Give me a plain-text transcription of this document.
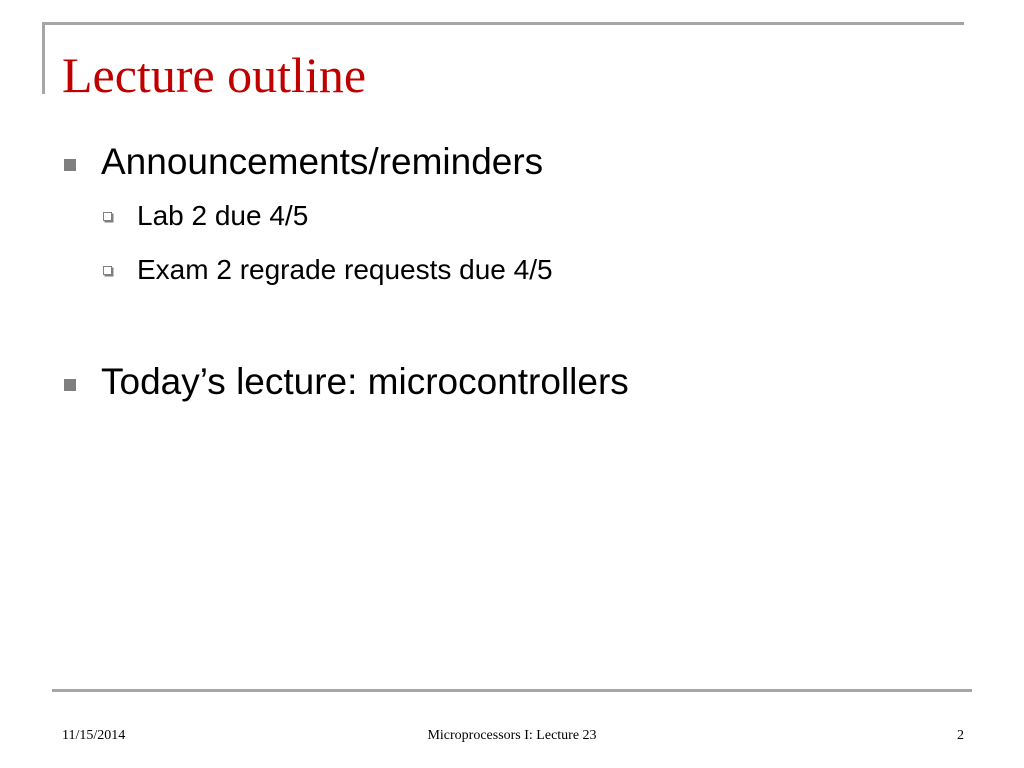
Lecture outline
Announcements/reminders
Lab 2 due 4/5
Exam 2 regrade requests due 4/5
Today’s lecture: microcontrollers
11/15/2014	Microprocessors I: Lecture 23	2
